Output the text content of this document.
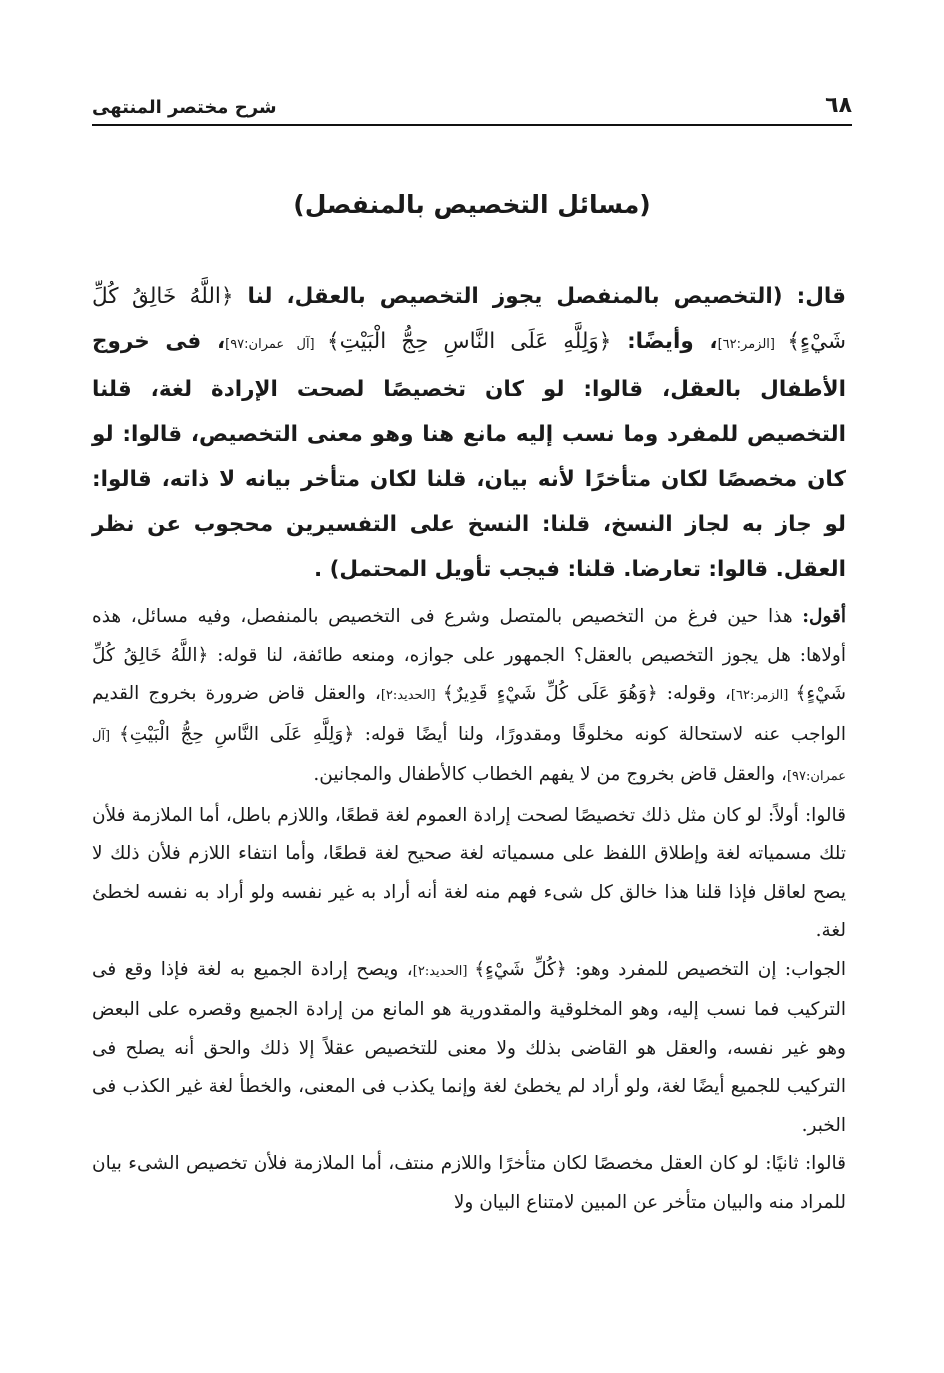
٦٨
شرح مختصر المنتهى
(مسائل التخصيص بالمنفصل)

قال: (التخصيص بالمنفصل يجوز التخصيص بالعقل، لنا ﴿اللَّهُ خَالِقُ كُلِّ شَيْءٍ﴾ [الزمر:٦٢]، وأيضًا: ﴿وَلِلَّهِ عَلَى النَّاسِ حِجُّ الْبَيْتِ﴾ [آل عمران:٩٧]، فى خروج الأطفال بالعقل، قالوا: لو كان تخصيصًا لصحت الإرادة لغة، قلنا التخصيص للمفرد وما نسب إليه مانع هنا وهو معنى التخصيص، قالوا: لو كان مخصصًا لكان متأخرًا لأنه بيان، قلنا لكان متأخر بيانه لا ذاته، قالوا: لو جاز به لجاز النسخ، قلنا: النسخ على التفسيرين محجوب عن نظر العقل. قالوا: تعارضا. قلنا: فيجب تأويل المحتمل) .

أقول: هذا حين فرغ من التخصيص بالمتصل وشرع فى التخصيص بالمنفصل، وفيه مسائل، هذه أولاها: هل يجوز التخصيص بالعقل؟ الجمهور على جوازه، ومنعه طائفة، لنا قوله: ﴿اللَّهُ خَالِقُ كُلِّ شَيْءٍ﴾ [الزمر:٦٢]، وقوله: ﴿وَهُوَ عَلَى كُلِّ شَيْءٍ قَدِيرٌ﴾ [الحديد:٢]، والعقل قاض ضرورة بخروج القديم الواجب عنه لاستحالة كونه مخلوقًا ومقدورًا، ولنا أيضًا قوله: ﴿وَلِلَّهِ عَلَى النَّاسِ حِجُّ الْبَيْتِ﴾ [آل عمران:٩٧]، والعقل قاض بخروج من لا يفهم الخطاب كالأطفال والمجانين.

قالوا: أولاً: لو كان مثل ذلك تخصيصًا لصحت إرادة العموم لغة قطعًا، واللازم باطل، أما الملازمة فلأن تلك مسمياته لغة وإطلاق اللفظ على مسمياته لغة صحيح لغة قطعًا، وأما انتفاء اللازم فلأن ذلك لا يصح لعاقل فإذا قلنا هذا خالق كل شىء فهم منه لغة أنه أراد به غير نفسه ولو أراد به نفسه لخطئ لغة.

الجواب: إن التخصيص للمفرد وهو: ﴿كُلِّ شَيْءٍ﴾ [الحديد:٢]، ويصح إرادة الجميع به لغة فإذا وقع فى التركيب فما نسب إليه، وهو المخلوقية والمقدورية هو المانع من إرادة الجميع وقصره على البعض وهو غير نفسه، والعقل هو القاضى بذلك ولا معنى للتخصيص عقلاً إلا ذلك والحق أنه يصلح فى التركيب للجميع أيضًا لغة، ولو أراد لم يخطئ لغة وإنما يكذب فى المعنى، والخطأ لغة غير الكذب فى الخبر.

قالوا: ثانيًا: لو كان العقل مخصصًا لكان متأخرًا واللازم منتف، أما الملازمة فلأن تخصيص الشىء بيان للمراد منه والبيان متأخر عن المبين لامتناع البيان ولا
